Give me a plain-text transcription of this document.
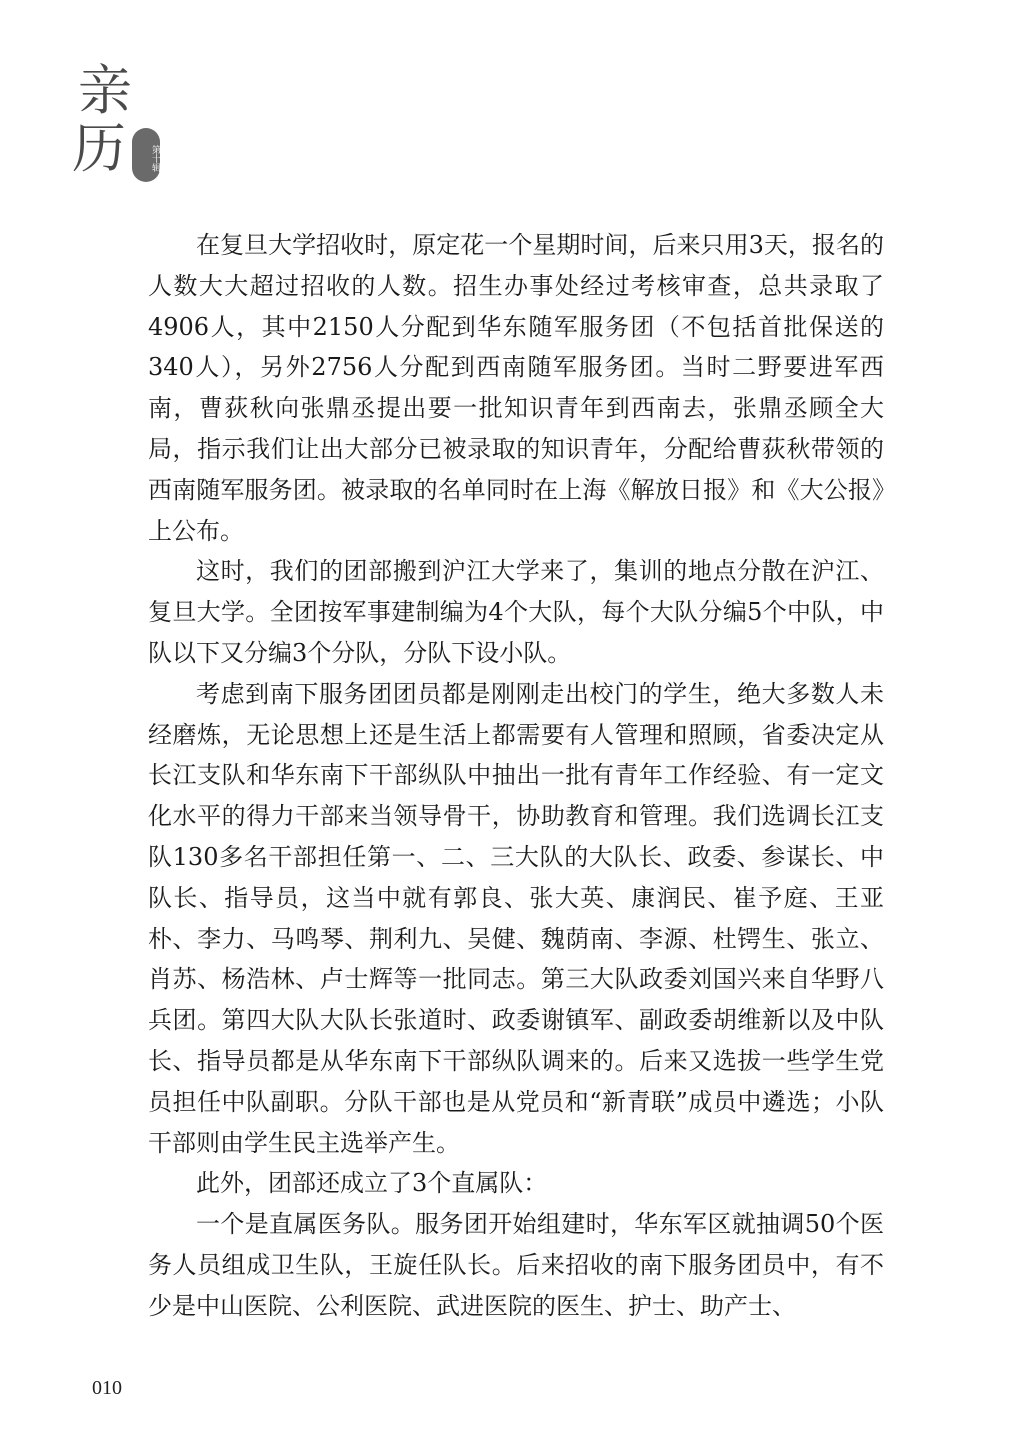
亲
历	第十辑

在复旦大学招收时，原定花一个星期时间，后来只用3天，报名的人数大大超过招收的人数。招生办事处经过考核审查，总共录取了4906人，其中2150人分配到华东随军服务团（不包括首批保送的340人），另外2756人分配到西南随军服务团。当时二野要进军西南，曹荻秋向张鼎丞提出要一批知识青年到西南去，张鼎丞顾全大局，指示我们让出大部分已被录取的知识青年，分配给曹荻秋带领的西南随军服务团。被录取的名单同时在上海《解放日报》和《大公报》上公布。

这时，我们的团部搬到沪江大学来了，集训的地点分散在沪江、复旦大学。全团按军事建制编为4个大队，每个大队分编5个中队，中队以下又分编3个分队，分队下设小队。

考虑到南下服务团团员都是刚刚走出校门的学生，绝大多数人未经磨炼，无论思想上还是生活上都需要有人管理和照顾，省委决定从长江支队和华东南下干部纵队中抽出一批有青年工作经验、有一定文化水平的得力干部来当领导骨干，协助教育和管理。我们选调长江支队130多名干部担任第一、二、三大队的大队长、政委、参谋长、中队长、指导员，这当中就有郭良、张大英、康润民、崔予庭、王亚朴、李力、马鸣琴、荆利九、吴健、魏荫南、李源、杜锷生、张立、肖苏、杨浩林、卢士辉等一批同志。第三大队政委刘国兴来自华野八兵团。第四大队大队长张道时、政委谢镇军、副政委胡维新以及中队长、指导员都是从华东南下干部纵队调来的。后来又选拔一些学生党员担任中队副职。分队干部也是从党员和“新青联”成员中遴选；小队干部则由学生民主选举产生。

此外，团部还成立了3个直属队：

一个是直属医务队。服务团开始组建时，华东军区就抽调50个医务人员组成卫生队，王旋任队长。后来招收的南下服务团员中，有不少是中山医院、公利医院、武进医院的医生、护士、助产士、

010
